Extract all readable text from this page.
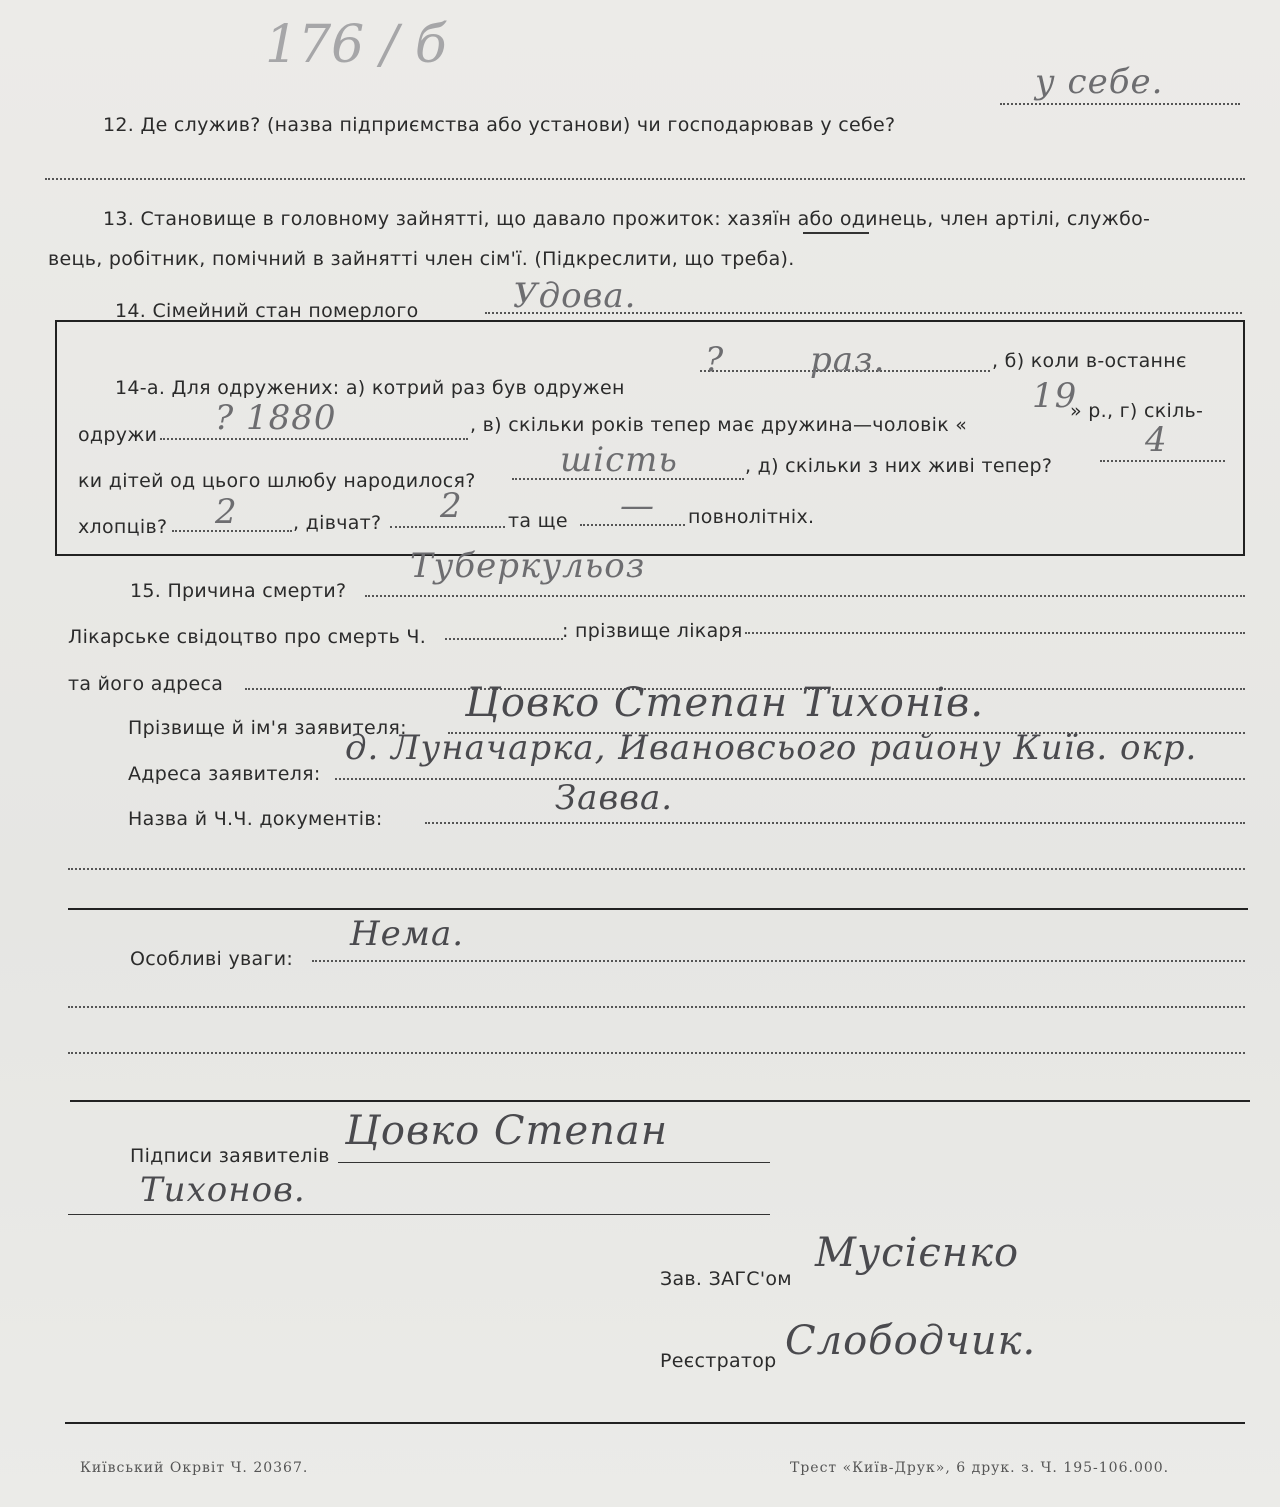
176 / б
12. Де служив? (назва підприємства або установи) чи господарював у себе?
у себе.
13. Становище в головному зайнятті, що давало прожиток: хазяїн або одинець, член артілі, службо-
вець, робітник, помічний в зайнятті член сім'ї. (Підкреслити, що треба).
14. Сімейний стан померлого	Удова.
14-а. Для одружених: а) котрий раз був одружен
?	раз.	, б) коли в-останнє
одружи ? 1880	, в) скільки років тепер має дружина—чоловік «
19
» р., г) скіль-
ки дітей од цього шлюбу народилося?
шість	, д) скільки з них живі тепер?
4
хлопців? 2	, дівчат? 2 та ще — повнолітніх.
15. Причина смерти?
Туберкульоз
Лікарське свідоцтво про смерть Ч.	: прізвище лікаря
та його адреса
Прізвище й ім'я заявителя:
Цовко Степан Тихонів.
Адреса заявителя:
д. Луначарка, Ивановсього району Київ. окр.
Назва й Ч.Ч. документів:
Завва.
Особливі уваги:
Нема.
Підписи заявителів
Цовко Степан
Тихонов.
Зав. ЗАГС'ом
Мусієнко
Реєстратор Слободчик.
Київський Окрвіт Ч. 20367.	Трест «Київ-Друк», 6 друк. з. Ч. 195-106.000.
